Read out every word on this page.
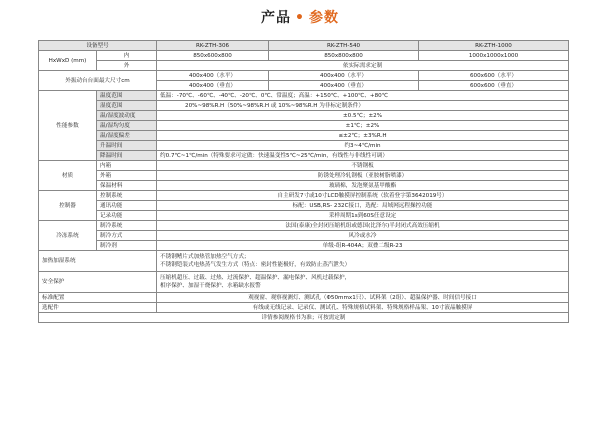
产品 • 参数
设备型号		RK-ZTH-306	RK-ZTH-540	RK-ZTH-1000
HxWxD (mm)	内	850x600x800	850x800x800	1000x1000x1000
	外	依实际需求定制		
外振动台台面最大尺寸cm		400x400（水平）	400x400（水平）	600x600（水平）
		400x400（垂直）	400x400（垂直）	600x600（垂直）
性能参数	温度范围	低温：-70℃、-60℃、-40℃、-20℃、0℃、常温度；高温：+150℃、+100℃、+80℃		
	湿度范围	20%~98%R.H（50%~98%R.H 或 10%~98%R.H 为非标定制条件）		
	温/湿度波动度	±0.5℃；±2%		
	温/湿均匀度	±1℃；±2%		
	温/湿度偏差	≤±2℃；±3%R.H		
	升温时间	约3~4℃/min		
	降温时间	约0.7℃~1℃/min（特殊要求可定做：快速温变性5℃~25℃/min，有线性与非线性可调）		
材质	内箱	不锈钢板		
	外箱	防锈处理冷轧钢板（亚胺树脂喷漆）		
	保温材料	玻璃棉，发泡聚氨基甲酸酯		
控制器	控制系统	自主研发7寸或10寸LCD触摸屏控制系统（软着登字第3642019号）		
	通讯功能	标配：USB,RS- 232C接口，选配：局域网远程操控功能		
	记录功能	采样周期1s到60S任意设定		
冷冻系统	制冷系统	法国(泰康)全封闭压缩机组或德国(比泽尔)半封闭式高效压缩机		
	制冷方式	风冷或水冷		
	制冷剂	单级-组R-404A；双叠二级R-23		
加热加湿系统		不锈钢鳍片式加热管加热空气方式；
不锈钢铠装式电热蒸气发生方式（特点：密封性能极好，有效防止蒸汽泄失）		

安全保护		压缩机超压、过载、过热、过流保护、超温保护、漏电保护、风机过载保护，
相序保护、加湿干烧保护、水箱缺水报警		

标准配置		观视窗、观察视测灯、测试孔（Φ50mmx1只）、试料架（2组）、超温保护器、时间信号接口		
选配件		有线或无线记录、记录仪、测试孔、特殊规格试料架、特殊规格样品架、10寸液晶触摸屏		
详情参阅规格书为准；可按需定制				
